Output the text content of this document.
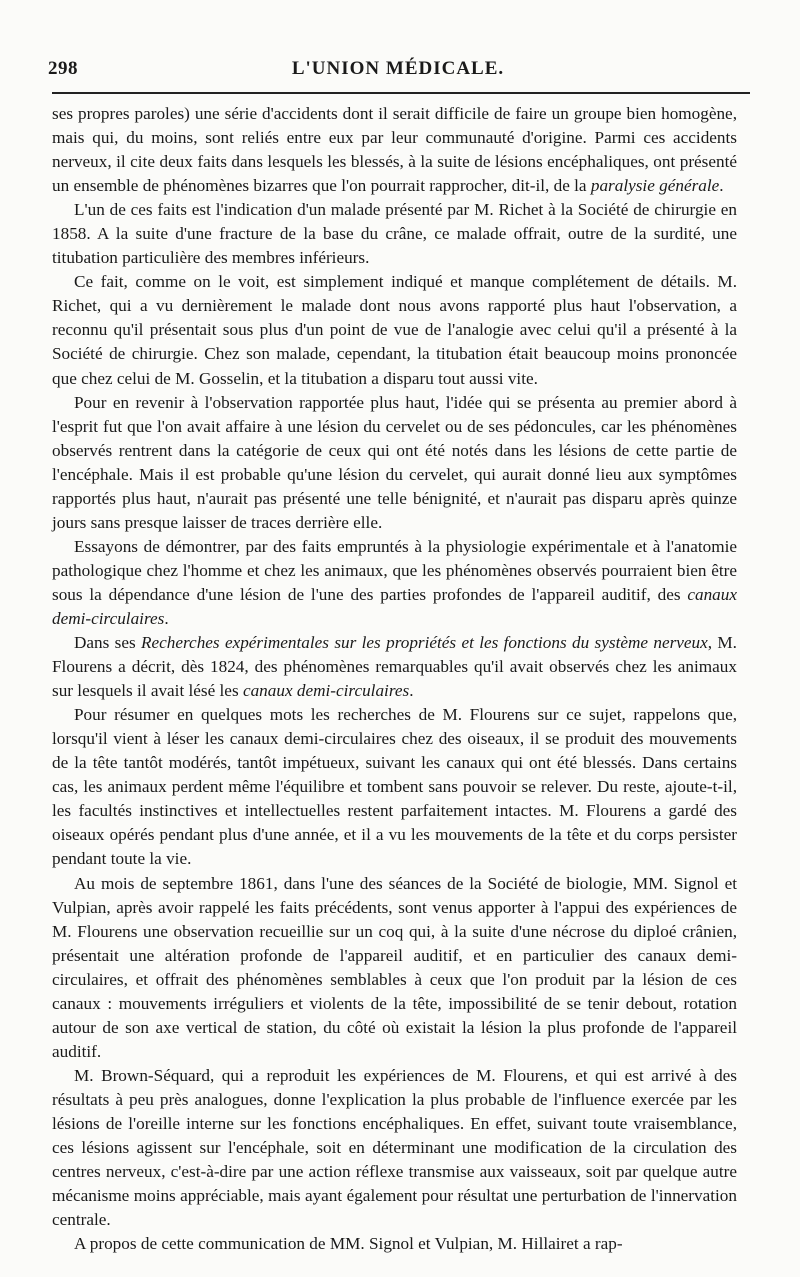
298	L'UNION MÉDICALE.

ses propres paroles) une série d'accidents dont il serait difficile de faire un groupe bien homogène, mais qui, du moins, sont reliés entre eux par leur communauté d'origine. Parmi ces accidents nerveux, il cite deux faits dans lesquels les blessés, à la suite de lésions encéphaliques, ont présenté un ensemble de phénomènes bizarres que l'on pourrait rapprocher, dit-il, de la paralysie générale.

L'un de ces faits est l'indication d'un malade présenté par M. Richet à la Société de chirurgie en 1858. A la suite d'une fracture de la base du crâne, ce malade offrait, outre de la surdité, une titubation particulière des membres inférieurs.

Ce fait, comme on le voit, est simplement indiqué et manque complétement de détails. M. Richet, qui a vu dernièrement le malade dont nous avons rapporté plus haut l'observation, a reconnu qu'il présentait sous plus d'un point de vue de l'analogie avec celui qu'il a présenté à la Société de chirurgie. Chez son malade, cependant, la titubation était beaucoup moins prononcée que chez celui de M. Gosselin, et la titubation a disparu tout aussi vite.

Pour en revenir à l'observation rapportée plus haut, l'idée qui se présenta au premier abord à l'esprit fut que l'on avait affaire à une lésion du cervelet ou de ses pédoncules, car les phénomènes observés rentrent dans la catégorie de ceux qui ont été notés dans les lésions de cette partie de l'encéphale. Mais il est probable qu'une lésion du cervelet, qui aurait donné lieu aux symptômes rapportés plus haut, n'aurait pas présenté une telle bénignité, et n'aurait pas disparu après quinze jours sans presque laisser de traces derrière elle.

Essayons de démontrer, par des faits empruntés à la physiologie expérimentale et à l'anatomie pathologique chez l'homme et chez les animaux, que les phénomènes observés pourraient bien être sous la dépendance d'une lésion de l'une des parties profondes de l'appareil auditif, des canaux demi-circulaires.

Dans ses Recherches expérimentales sur les propriétés et les fonctions du système nerveux, M. Flourens a décrit, dès 1824, des phénomènes remarquables qu'il avait observés chez les animaux sur lesquels il avait lésé les canaux demi-circulaires.

Pour résumer en quelques mots les recherches de M. Flourens sur ce sujet, rappelons que, lorsqu'il vient à léser les canaux demi-circulaires chez des oiseaux, il se produit des mouvements de la tête tantôt modérés, tantôt impétueux, suivant les canaux qui ont été blessés. Dans certains cas, les animaux perdent même l'équilibre et tombent sans pouvoir se relever. Du reste, ajoute-t-il, les facultés instinctives et intellectuelles restent parfaitement intactes. M. Flourens a gardé des oiseaux opérés pendant plus d'une année, et il a vu les mouvements de la tête et du corps persister pendant toute la vie.

Au mois de septembre 1861, dans l'une des séances de la Société de biologie, MM. Signol et Vulpian, après avoir rappelé les faits précédents, sont venus apporter à l'appui des expériences de M. Flourens une observation recueillie sur un coq qui, à la suite d'une nécrose du diploé crânien, présentait une altération profonde de l'appareil auditif, et en particulier des canaux demi-circulaires, et offrait des phénomènes semblables à ceux que l'on produit par la lésion de ces canaux : mouvements irréguliers et violents de la tête, impossibilité de se tenir debout, rotation autour de son axe vertical de station, du côté où existait la lésion la plus profonde de l'appareil auditif.

M. Brown-Séquard, qui a reproduit les expériences de M. Flourens, et qui est arrivé à des résultats à peu près analogues, donne l'explication la plus probable de l'influence exercée par les lésions de l'oreille interne sur les fonctions encéphaliques. En effet, suivant toute vraisemblance, ces lésions agissent sur l'encéphale, soit en déterminant une modification de la circulation des centres nerveux, c'est-à-dire par une action réflexe transmise aux vaisseaux, soit par quelque autre mécanisme moins appréciable, mais ayant également pour résultat une perturbation de l'innervation centrale.

A propos de cette communication de MM. Signol et Vulpian, M. Hillairet a rap-
